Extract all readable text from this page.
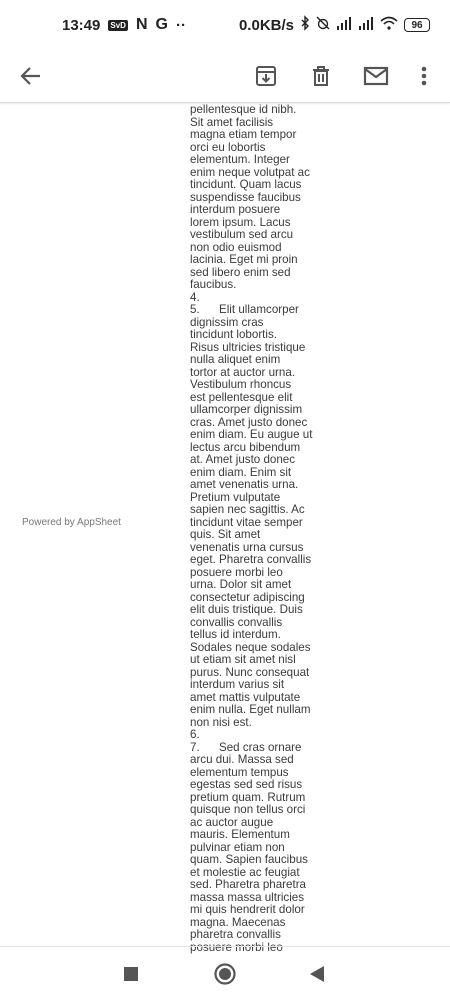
13:49 SvD N G ··	0.0KB/s	96
Powered by AppSheet

pellentesque id nibh.

Sit amet facilisis

magna etiam tempor

orci eu lobortis

elementum. Integer

enim neque volutpat ac

tincidunt. Quam lacus

suspendisse faucibus

interdum posuere

lorem ipsum. Lacus

vestibulum sed arcu

non odio euismod

lacinia. Eget mi proin

sed libero enim sed

faucibus.

4.

5.      Elit ullamcorper

dignissim cras

tincidunt lobortis.

Risus ultricies tristique

nulla aliquet enim

tortor at auctor urna.

Vestibulum rhoncus

est pellentesque elit

ullamcorper dignissim

cras. Amet justo donec

enim diam. Eu augue ut

lectus arcu bibendum

at. Amet justo donec

enim diam. Enim sit

amet venenatis urna.

Pretium vulputate

sapien nec sagittis. Ac

tincidunt vitae semper

quis. Sit amet

venenatis urna cursus

eget. Pharetra convallis

posuere morbi leo

urna. Dolor sit amet

consectetur adipiscing

elit duis tristique. Duis

convallis convallis

tellus id interdum.

Sodales neque sodales

ut etiam sit amet nisl

purus. Nunc consequat

interdum varius sit

amet mattis vulputate

enim nulla. Eget nullam

non nisi est.

6.

7.      Sed cras ornare

arcu dui. Massa sed

elementum tempus

egestas sed sed risus

pretium quam. Rutrum

quisque non tellus orci

ac auctor augue

mauris. Elementum

pulvinar etiam non

quam. Sapien faucibus

et molestie ac feugiat

sed. Pharetra pharetra

massa massa ultricies

mi quis hendrerit dolor

magna. Maecenas

pharetra convallis

posuere morbi leo
